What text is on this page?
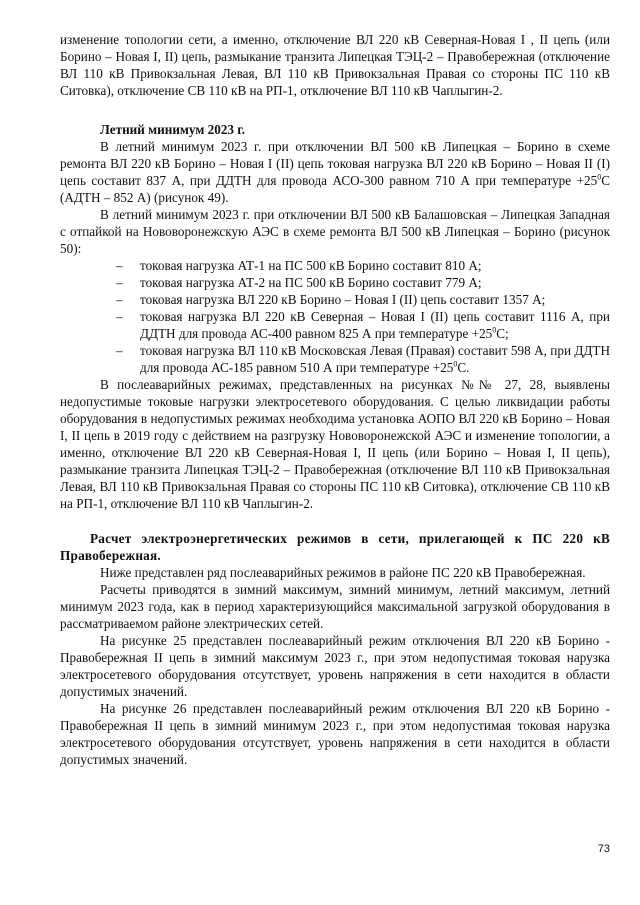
изменение топологии сети, а именно, отключение ВЛ 220 кВ Северная-Новая I , II цепь (или Борино – Новая I, II) цепь, размыкание транзита Липецкая ТЭЦ-2 – Правобережная (отключение ВЛ 110 кВ Привокзальная Левая, ВЛ 110 кВ Привокзальная Правая со стороны ПС 110 кВ Ситовка), отключение СВ 110 кВ на РП-1, отключение ВЛ 110 кВ Чаплыгин-2.

Летний минимум 2023 г.

В летний минимум 2023 г. при отключении ВЛ 500 кВ Липецкая – Борино в схеме ремонта ВЛ 220 кВ Борино – Новая I (II) цепь токовая нагрузка ВЛ 220 кВ Борино – Новая II (I) цепь составит 837 А, при ДДТН для провода АСО-300 равном 710 А при температуре $+25^0С$ (АДТН – 852 А) (рисунок 49).

В летний минимум 2023 г. при отключении ВЛ 500 кВ Балашовская – Липецкая Западная с отпайкой на Нововоронежскую АЭС в схеме ремонта ВЛ 500 кВ Липецкая – Борино (рисунок 50):

– токовая нагрузка АТ-1 на ПС 500 кВ Борино составит 810 А;
– токовая нагрузка АТ-2 на ПС 500 кВ Борино составит 779 А;
– токовая нагрузка ВЛ 220 кВ Борино – Новая I (II) цепь составит 1357 А;
– токовая нагрузка ВЛ 220 кВ Северная – Новая I (II) цепь составит 1116 А, при ДДТН для провода АС-400 равном 825 А при температуре $+25^0С$;
– токовая нагрузка ВЛ 110 кВ Московская Левая (Правая) составит 598 А, при ДДТН для провода АС-185 равном 510 А при температуре $+25^0С$.

В послеаварийных режимах, представленных на рисунках №№ 27, 28, выявлены недопустимые токовые нагрузки электросетевого оборудования. С целью ликвидации работы оборудования в недопустимых режимах необходима установка АОПО ВЛ 220 кВ Борино – Новая I, II цепь в 2019 году с действием на разгрузку Нововоронежской АЭС и изменение топологии, а именно, отключение ВЛ 220 кВ Северная-Новая I, II цепь (или Борино – Новая I, II цепь), размыкание транзита Липецкая ТЭЦ-2 – Правобережная (отключение ВЛ 110 кВ Привокзальная Левая, ВЛ 110 кВ Привокзальная Правая со стороны ПС 110 кВ Ситовка), отключение СВ 110 кВ на РП-1, отключение ВЛ 110 кВ Чаплыгин-2.

Расчет электроэнергетических режимов в сети, прилегающей к ПС 220 кВ Правобережная.

Ниже представлен ряд послеаварийных режимов в районе ПС 220 кВ Правобережная.

Расчеты приводятся в зимний максимум, зимний минимум, летний максимум, летний минимум 2023 года, как в период характеризующийся максимальной загрузкой оборудования в рассматриваемом районе электрических сетей.

На рисунке 25 представлен послеаварийный режим отключения ВЛ 220 кВ Борино - Правобережная II цепь в зимний максимум 2023 г., при этом недопустимая токовая нарузка электросетевого оборудования отсутствует, уровень напряжения в сети находится в области допустимых значений.

На рисунке 26 представлен послеаварийный режим отключения ВЛ 220 кВ Борино - Правобережная II цепь в зимний минимум 2023 г., при этом недопустимая токовая нарузка электросетевого оборудования отсутствует, уровень напряжения в сети находится в области допустимых значений.

73
